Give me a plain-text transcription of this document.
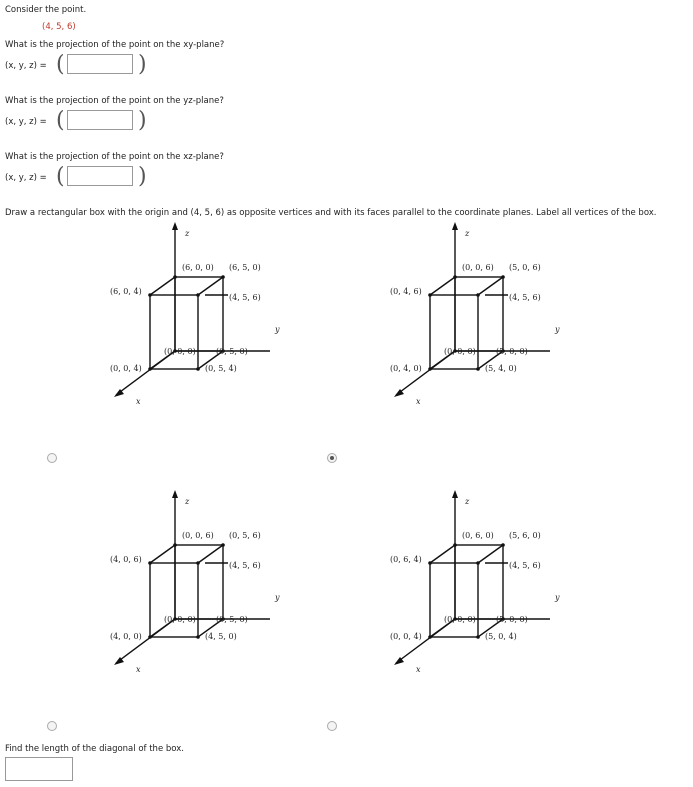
Consider the point.
(4, 5, 6)
What is the projection of the point on the xy-plane?
(x, y, z) = (	)
What is the projection of the point on the yz-plane?
(x, y, z) = (	)
What is the projection of the point on the xz-plane?
(x, y, z) = (	)
Draw a rectangular box with the origin and (4, 5, 6) as opposite vertices and with its faces parallel to the coordinate planes. Label all vertices of the box.
z
y
x
(6, 0, 0) (6, 5, 0)
(6, 0, 4)
(4, 5, 6)
(0, 0, 0)	(0, 5, 0)
(0, 0, 4)	(0, 5, 4)
z
y
x
(0, 0, 6) (5, 0, 6)
(0, 4, 6)
(4, 5, 6)
(0, 0, 0)	(5, 0, 0)
(0, 4, 0)	(5, 4, 0)
z
y
x
(0, 0, 6) (0, 5, 6)
(4, 0, 6)
(4, 5, 6)
(0, 0, 0)	(0, 5, 0)
(4, 0, 0)	(4, 5, 0)
z
y
x
(0, 6, 0) (5, 6, 0)
(0, 6, 4)
(4, 5, 6)
(0, 0, 0)	(5, 0, 0)
(0, 0, 4)	(5, 0, 4)
Find the length of the diagonal of the box.
